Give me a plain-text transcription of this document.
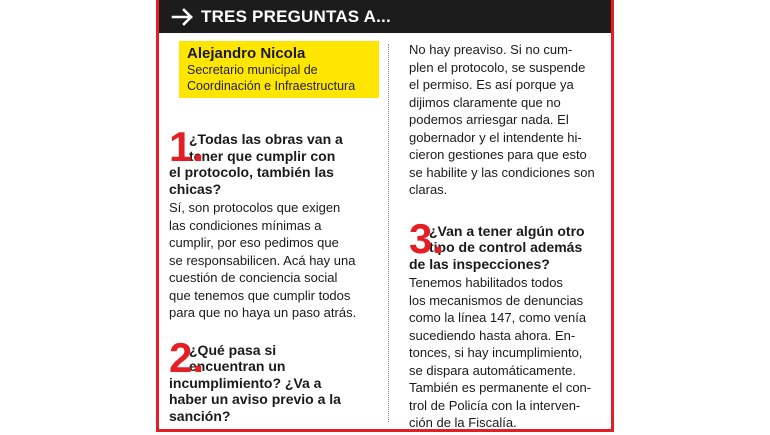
TRES PREGUNTAS A...
Alejandro Nicola
Secretario municipal de
Coordinación e Infraestructura
1.
¿Todas las obras van a
tener que cumplir con
el protocolo, también las
chicas?
Sí, son protocolos que exigen
las condiciones mínimas a
cumplir, por eso pedimos que
se responsabilicen. Acá hay una
cuestión de conciencia social
que tenemos que cumplir todos
para que no haya un paso atrás.
2.
¿Qué pasa si
encuentran un
incumplimiento? ¿Va a
haber un aviso previo a la
sanción?
No hay preaviso. Si no cum-
plen el protocolo, se suspende
el permiso. Es así porque ya
dijimos claramente que no
podemos arriesgar nada. El
gobernador y el intendente hi-
cieron gestiones para que esto
se habilite y las condiciones son
claras.
3.
¿Van a tener algún otro
tipo de control además
de las inspecciones?
Tenemos habilitados todos
los mecanismos de denuncias
como la línea 147, como venía
sucediendo hasta ahora. En-
tonces, si hay incumplimiento,
se dispara automáticamente.
También es permanente el con-
trol de Policía con la interven-
ción de la Fiscalía.
